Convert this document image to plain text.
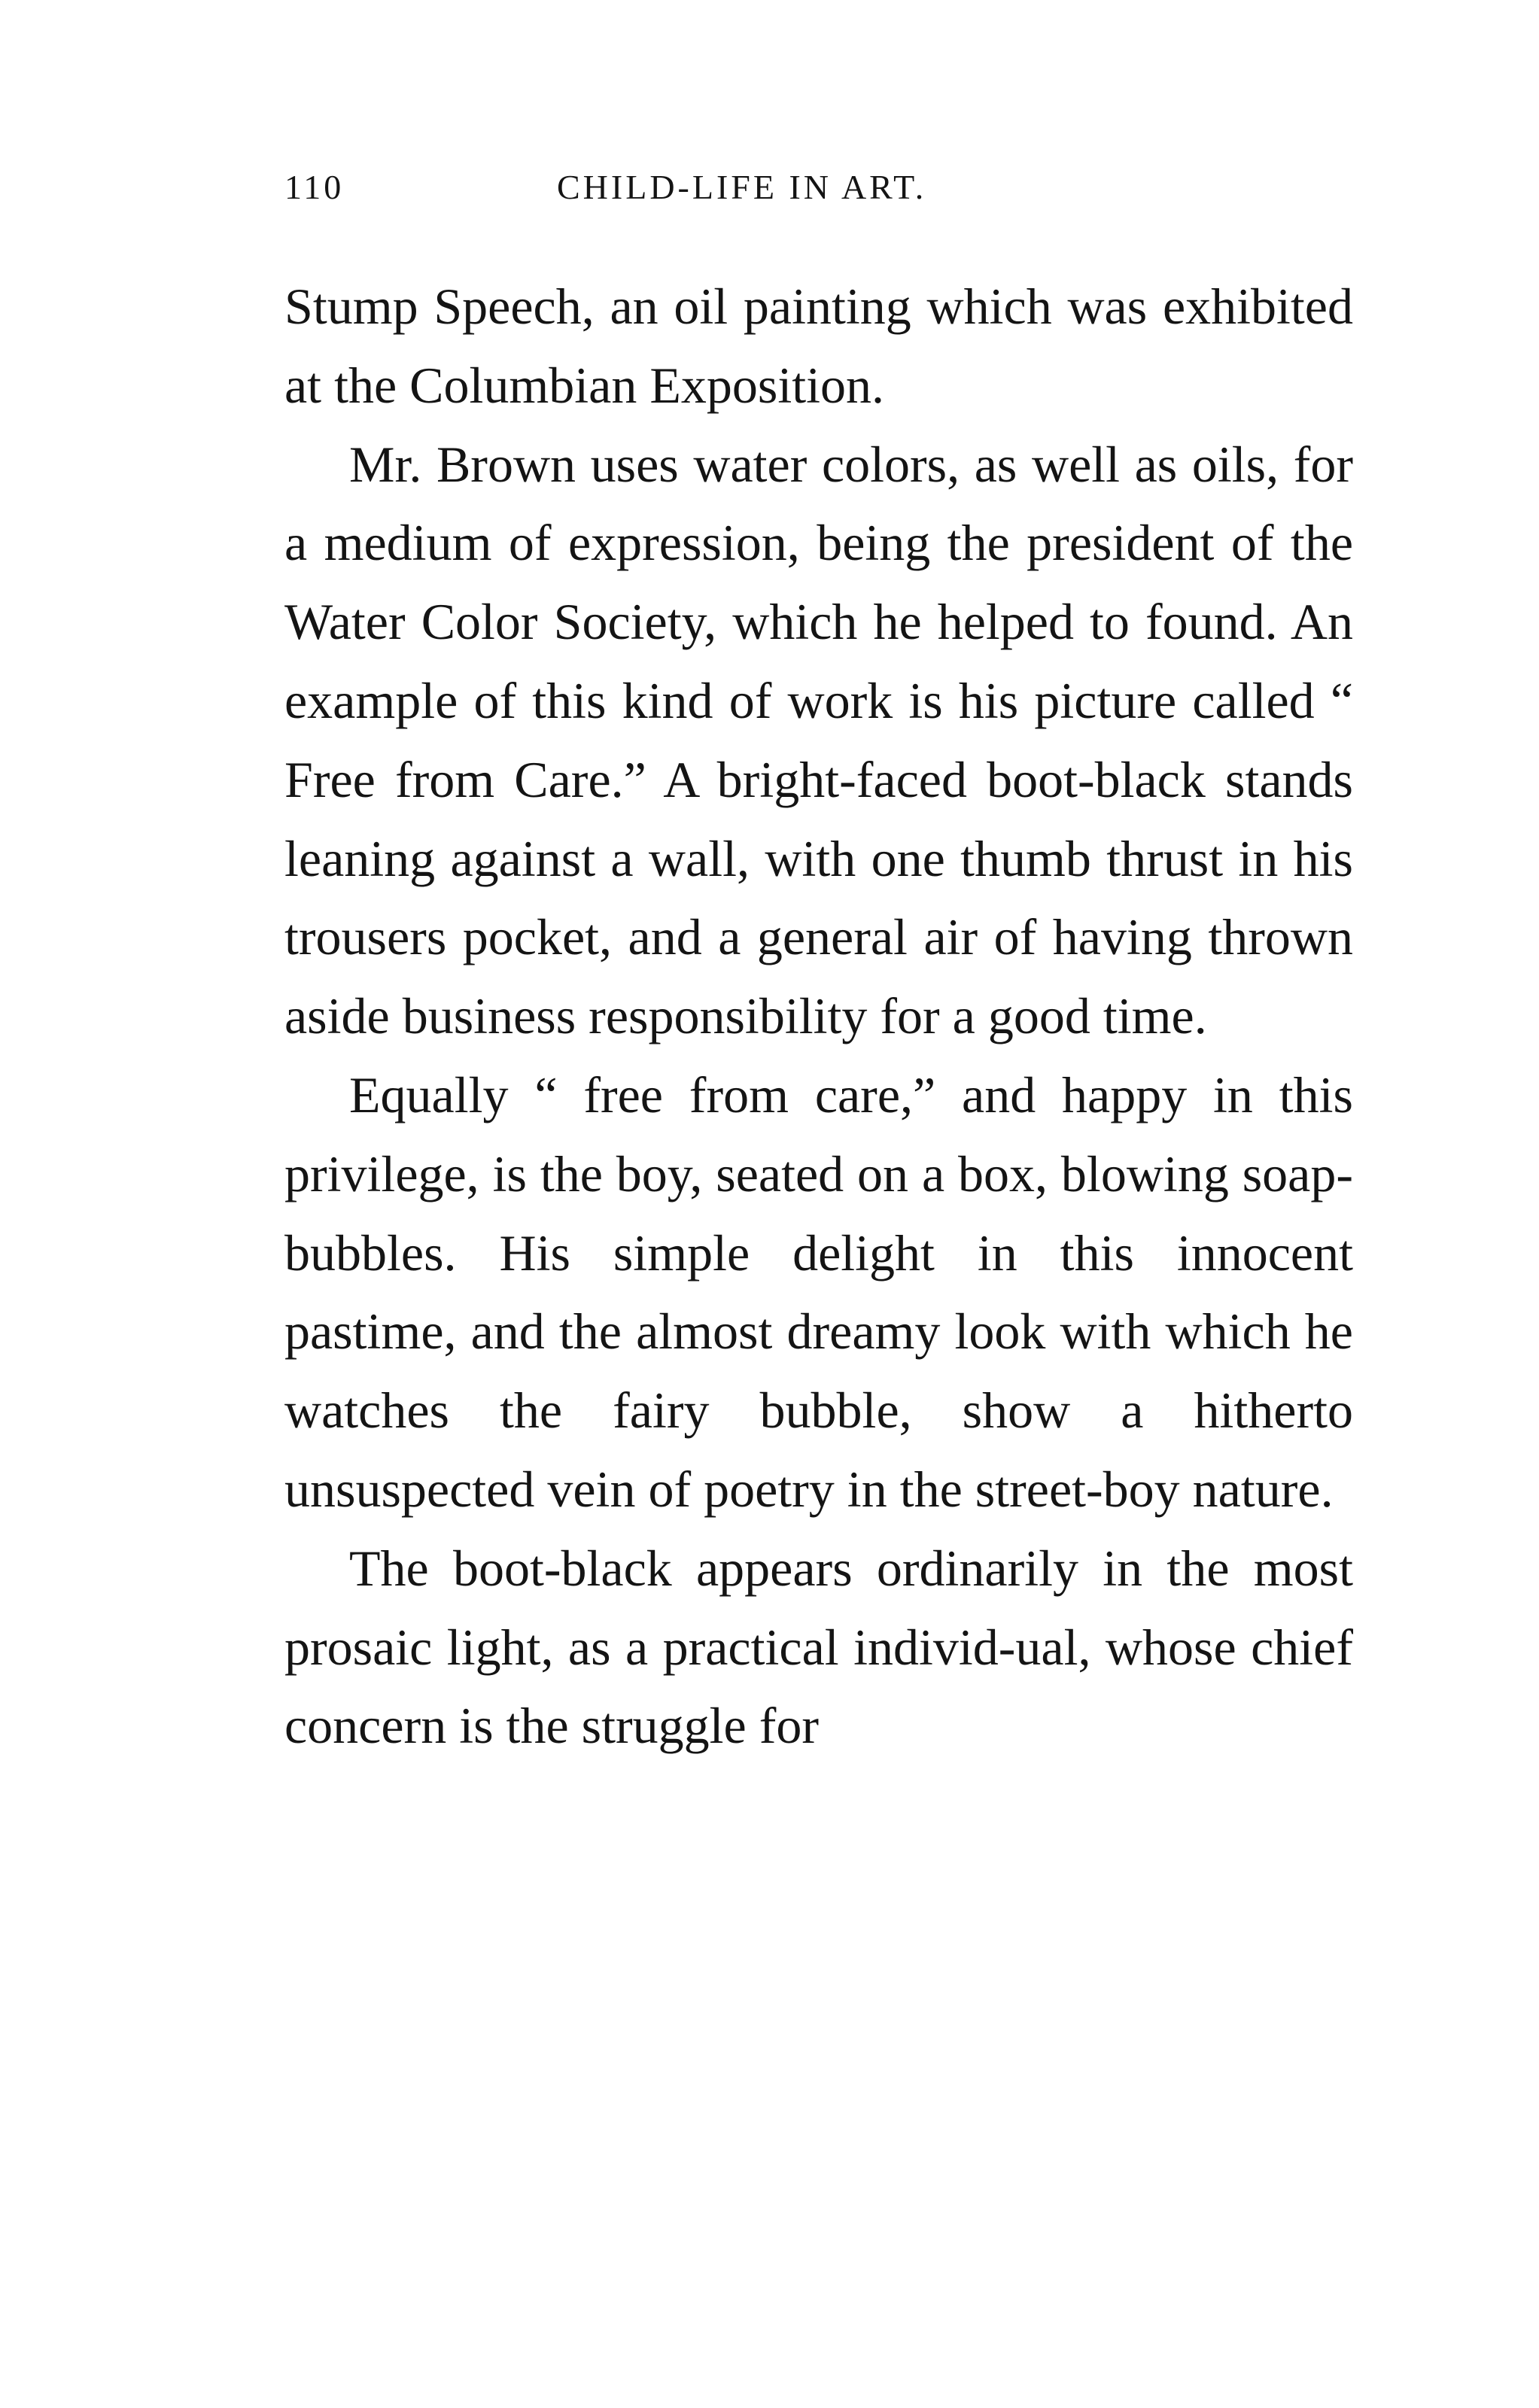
110	CHILD-LIFE IN ART.

Stump Speech, an oil painting which was exhibited at the Columbian Exposition.

Mr. Brown uses water colors, as well as oils, for a medium of expression, being the president of the Water Color Society, which he helped to found. An example of this kind of work is his picture called “ Free from Care.” A bright-faced boot-black stands leaning against a wall, with one thumb thrust in his trousers pocket, and a general air of having thrown aside business responsibility for a good time.

Equally “ free from care,” and happy in this privilege, is the boy, seated on a box, blowing soap-bubbles. His simple delight in this innocent pastime, and the almost dreamy look with which he watches the fairy bubble, show a hitherto unsuspected vein of poetry in the street-boy nature.

The boot-black appears ordinarily in the most prosaic light, as a practical individ-ual, whose chief concern is the struggle for
